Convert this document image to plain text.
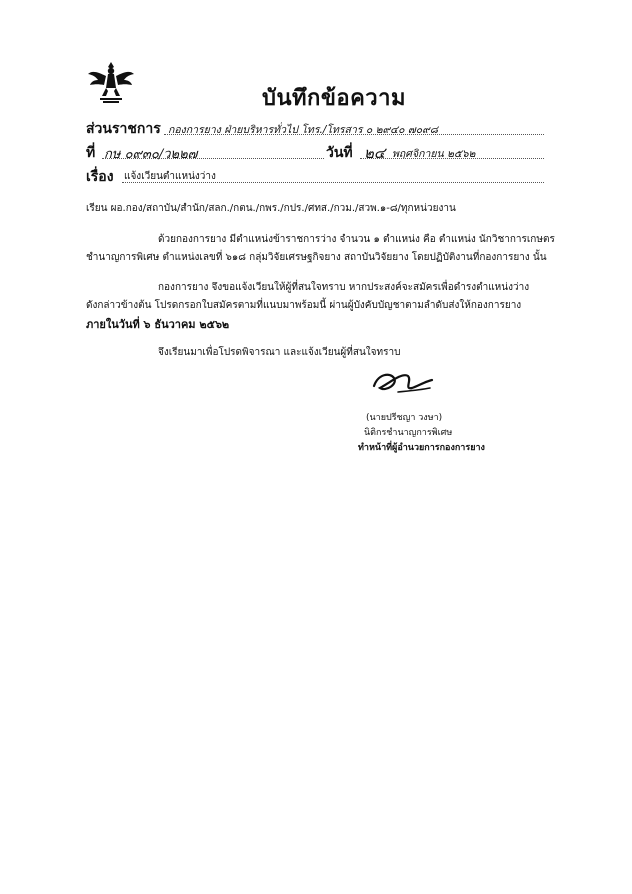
บันทึกข้อความ
ส่วนราชการ กองการยาง ฝ่ายบริหารทั่วไป โทร./โทรสาร ๐ ๒๙๔๐ ๗๐๙๘
ที่ กษ ๐๙๓๐/ว๒๒๗	วันที่ ๒๔ พฤศจิกายน ๒๕๖๒
เรื่อง แจ้งเวียนตำแหน่งว่าง
เรียน ผอ.กอง/สถาบัน/สำนัก/สลก./กตน./กพร./กปร./ศทส./กวม./สวพ.๑-๘/ทุกหน่วยงาน
ด้วยกองการยาง มีตำแหน่งข้าราชการว่าง จำนวน ๑ ตำแหน่ง คือ ตำแหน่ง นักวิชาการเกษตร
ชำนาญการพิเศษ ตำแหน่งเลขที่ ๖๑๘ กลุ่มวิจัยเศรษฐกิจยาง สถาบันวิจัยยาง โดยปฏิบัติงานที่กองการยาง นั้น
กองการยาง จึงขอแจ้งเวียนให้ผู้ที่สนใจทราบ หากประสงค์จะสมัครเพื่อดำรงตำแหน่งว่าง
ดังกล่าวข้างต้น โปรดกรอกใบสมัครตามที่แนบมาพร้อมนี้ ผ่านผู้บังคับบัญชาตามลำดับส่งให้กองการยาง
ภายในวันที่ ๖ ธันวาคม ๒๕๖๒
จึงเรียนมาเพื่อโปรดพิจารณา และแจ้งเวียนผู้ที่สนใจทราบ
(นายปรีชญา วงษา)
นิติกรชำนาญการพิเศษ
ทำหน้าที่ผู้อำนวยการกองการยาง
